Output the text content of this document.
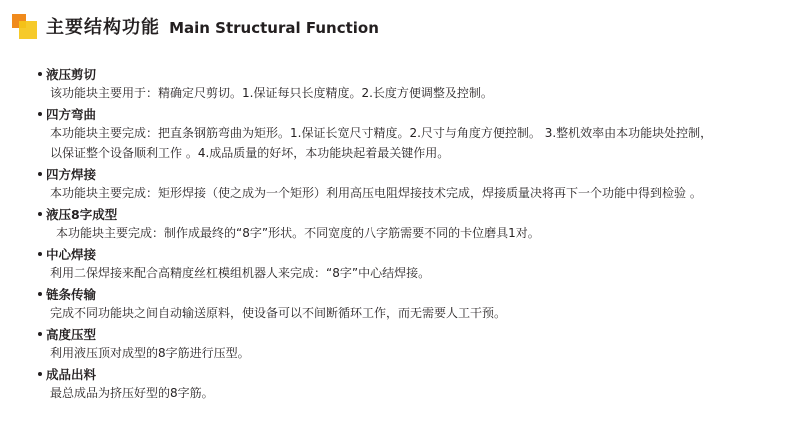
主要结构功能 Main Structural Function
液压剪切
该功能块主要用于：精确定尺剪切。1.保证每只长度精度。2.长度方便调整及控制。
四方弯曲
本功能块主要完成：把直条钢筋弯曲为矩形。1.保证长宽尺寸精度。2.尺寸与角度方便控制。 3.整机效率由本功能块处控制，
以保证整个设备顺利工作 。4.成品质量的好坏，本功能块起着最关键作用。
四方焊接
本功能块主要完成：矩形焊接（使之成为一个矩形）利用高压电阻焊接技术完成，焊接质量决将再下一个功能中得到检验 。
液压8字成型
本功能块主要完成：制作成最终的“8字”形状。不同宽度的八字筋需要不同的卡位磨具1对。
中心焊接
利用二保焊接来配合高精度丝杠模组机器人来完成：“8字”中心结焊接。
链条传输
完成不同功能块之间自动输送原料，使设备可以不间断循环工作，而无需要人工干预。
高度压型
利用液压顶对成型的8字筋进行压型。
成品出料
最总成品为挤压好型的8字筋。
